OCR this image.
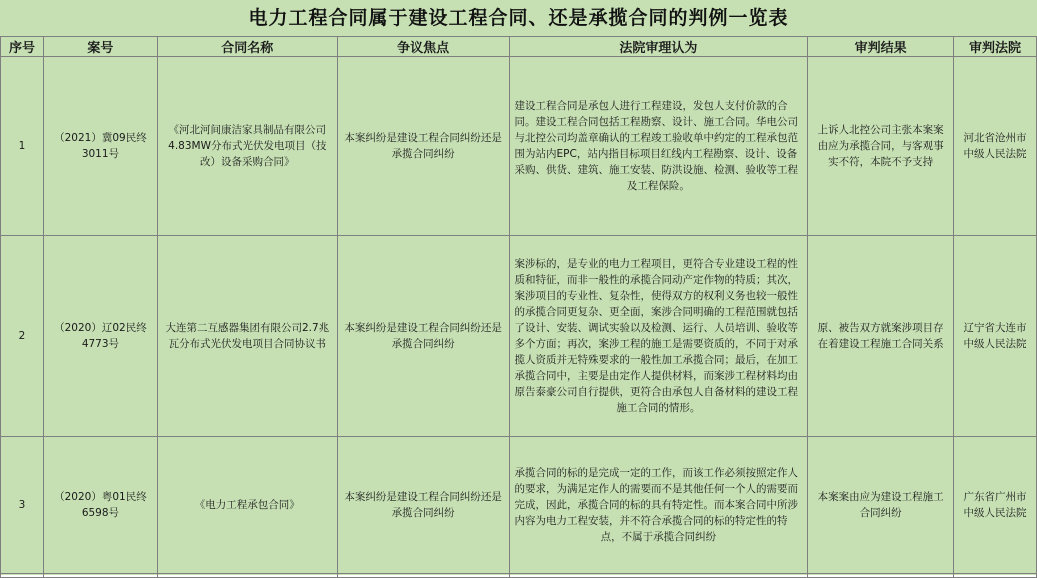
电力工程合同属于建设工程合同、还是承揽合同的判例一览表
序号	案号	合同名称	争议焦点	法院审理认为	审判结果	审判法院
1	（2021）冀09民终3011号	《河北河间康洁家具制品有限公司4.83MW分布式光伏发电项目（技改）设备采购合同》	本案纠纷是建设工程合同纠纷还是承揽合同纠纷	建设工程合同是承包人进行工程建设，发包人支付价款的合同。建设工程合同包括工程勘察、设计、施工合同。华电公司与北控公司均盖章确认的工程竣工验收单中约定的工程承包范围为站内EPC，站内指目标项目红线内工程勘察、设计、设备采购、供货、建筑、施工安装、防洪设施、检测、验收等工程及工程保险。	上诉人北控公司主张本案案由应为承揽合同，与客观事实不符，本院不予支持	河北省沧州市中级人民法院
2	（2020）辽02民终4773号	大连第二互感器集团有限公司2.7兆瓦分布式光伏发电项目合同协议书	本案纠纷是建设工程合同纠纷还是承揽合同纠纷	案涉标的，是专业的电力工程项目，更符合专业建设工程的性质和特征，而非一般性的承揽合同动产定作物的特质；其次，案涉项目的专业性、复杂性，使得双方的权利义务也较一般性的承揽合同更复杂、更全面，案涉合同明确的工程范围就包括了设计、安装、调试实验以及检测、运行、人员培训、验收等多个方面；再次，案涉工程的施工是需要资质的，不同于对承揽人资质并无特殊要求的一般性加工承揽合同；最后，在加工承揽合同中，主要是由定作人提供材料，而案涉工程材料均由原告泰豪公司自行提供，更符合由承包人自备材料的建设工程施工合同的情形。	原、被告双方就案涉项目存在着建设工程施工合同关系	辽宁省大连市中级人民法院
3	（2020）粤01民终6598号	《电力工程承包合同》	本案纠纷是建设工程合同纠纷还是承揽合同纠纷	承揽合同的标的是完成一定的工作，而该工作必须按照定作人的要求，为满足定作人的需要而不是其他任何一个人的需要而完成，因此，承揽合同的标的具有特定性。而本案合同中所涉内容为电力工程安装，并不符合承揽合同的标的特定性的特点，不属于承揽合同纠纷	本案案由应为建设工程施工合同纠纷	广东省广州市中级人民法院
